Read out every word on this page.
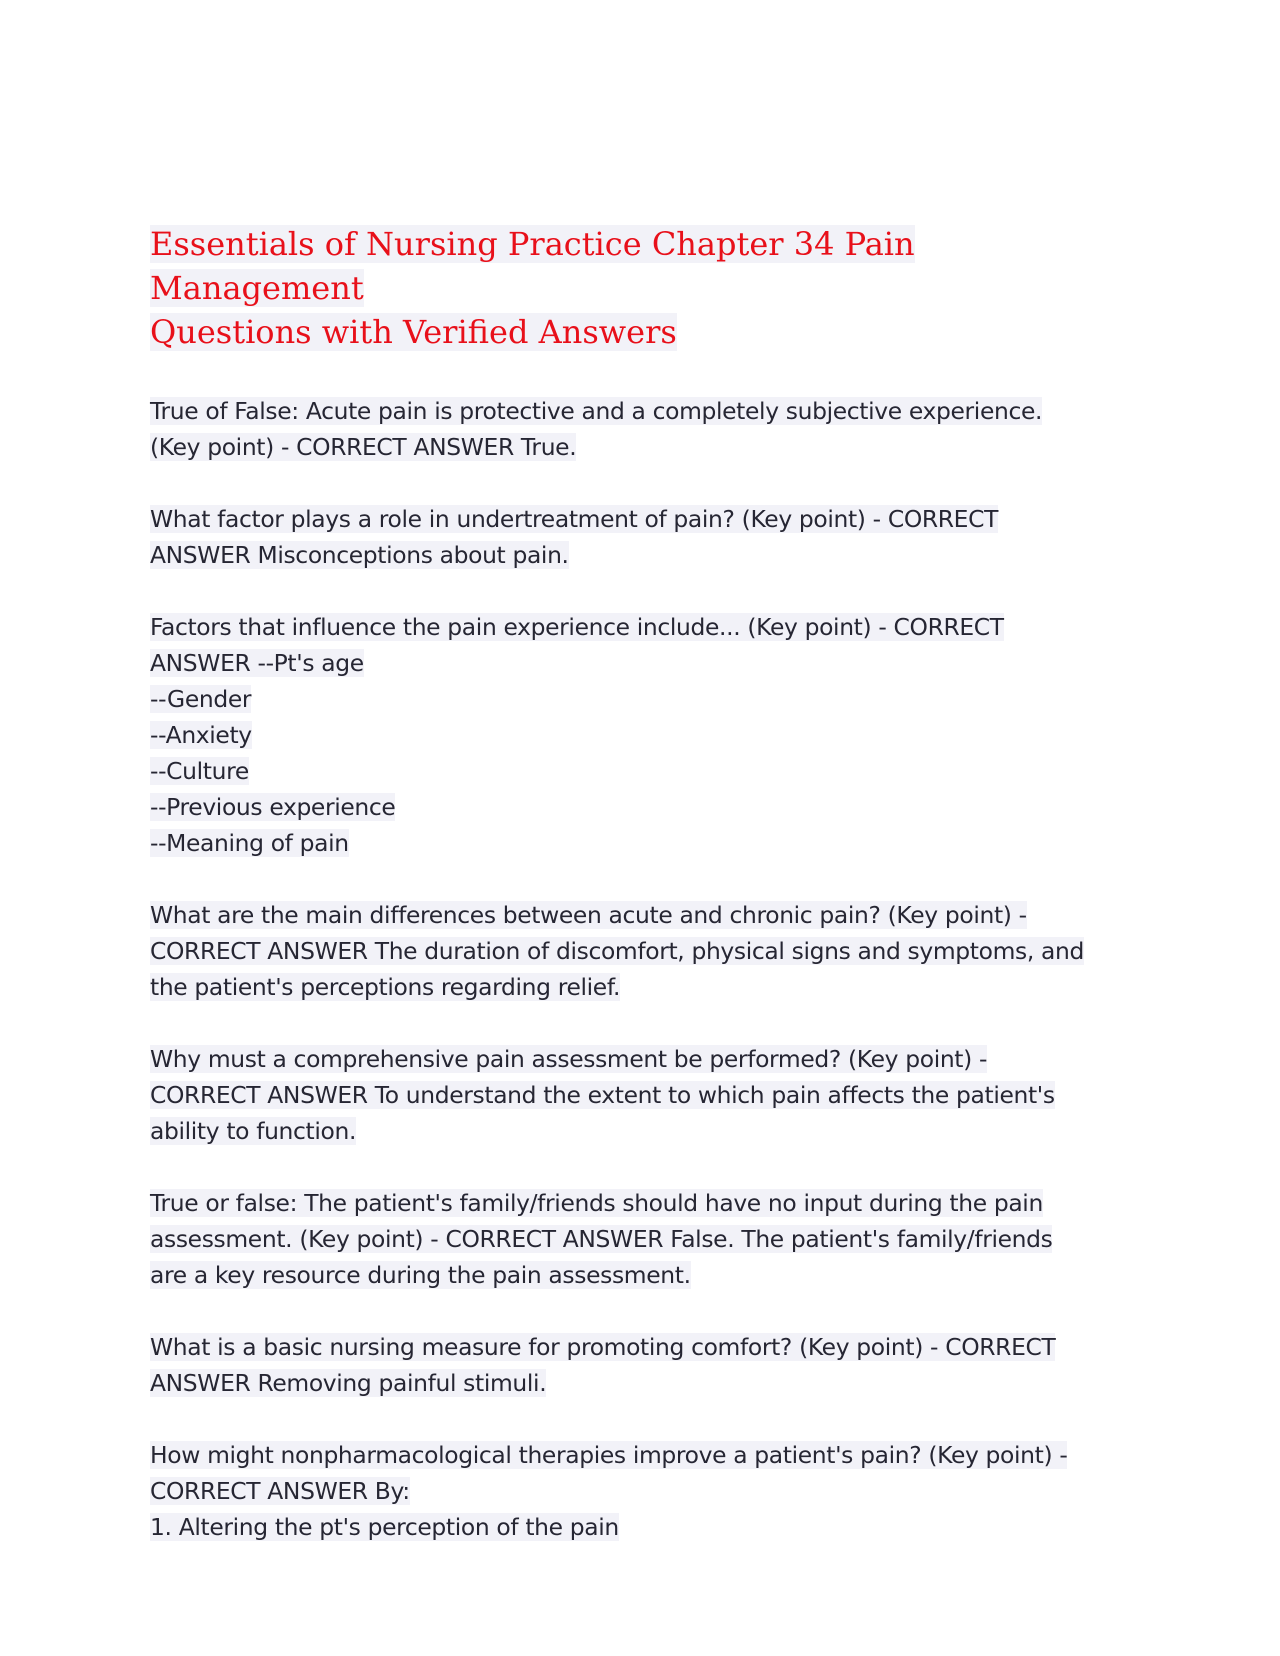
Essentials of Nursing Practice Chapter 34 Pain Management
Questions with Verified Answers
True of False: Acute pain is protective and a completely subjective experience.
(Key point) - CORRECT ANSWER True.
What factor plays a role in undertreatment of pain? (Key point) - CORRECT
ANSWER Misconceptions about pain.
Factors that influence the pain experience include... (Key point) - CORRECT
ANSWER --Pt's age
--Gender
--Anxiety
--Culture
--Previous experience
--Meaning of pain
What are the main differences between acute and chronic pain? (Key point) -
CORRECT ANSWER The duration of discomfort, physical signs and symptoms, and
the patient's perceptions regarding relief.
Why must a comprehensive pain assessment be performed? (Key point) -
CORRECT ANSWER To understand the extent to which pain affects the patient's
ability to function.
True or false: The patient's family/friends should have no input during the pain
assessment. (Key point) - CORRECT ANSWER False. The patient's family/friends
are a key resource during the pain assessment.
What is a basic nursing measure for promoting comfort? (Key point) - CORRECT
ANSWER Removing painful stimuli.
How might nonpharmacological therapies improve a patient's pain? (Key point) -
CORRECT ANSWER By:
1. Altering the pt's perception of the pain
